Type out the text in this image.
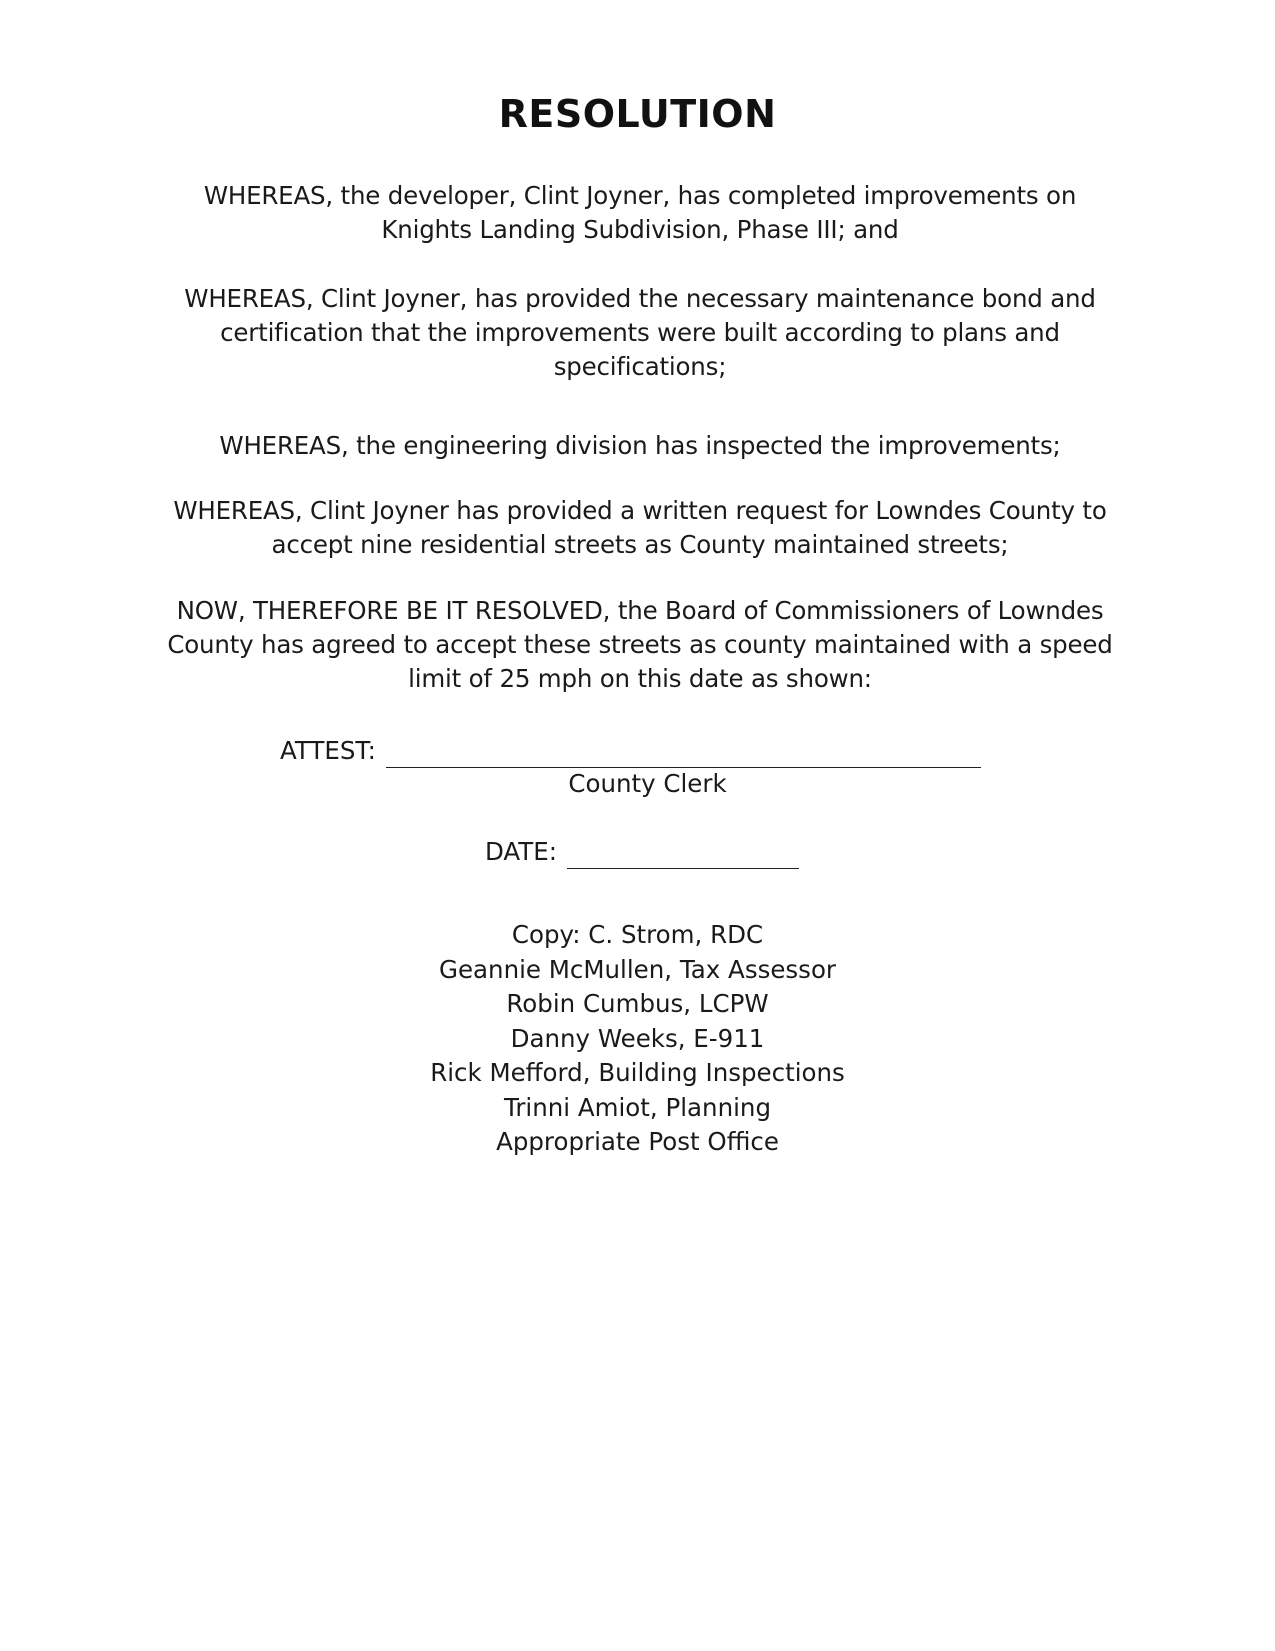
RESOLUTION
WHEREAS, the developer, Clint Joyner, has completed improvements on
Knights Landing Subdivision, Phase III; and
WHEREAS, Clint Joyner, has provided the necessary maintenance bond and
certification that the improvements were built according to plans and
specifications;
WHEREAS, the engineering division has inspected the improvements;
WHEREAS, Clint Joyner has provided a written request for Lowndes County to
accept nine residential streets as County maintained streets;
NOW, THEREFORE BE IT RESOLVED, the Board of Commissioners of Lowndes
County has agreed to accept these streets as county maintained with a speed
limit of 25 mph on this date as shown:
ATTEST:
County Clerk
DATE:
Copy: C. Strom, RDC
Geannie McMullen, Tax Assessor
Robin Cumbus, LCPW
Danny Weeks, E-911
Rick Mefford, Building Inspections
Trinni Amiot, Planning
Appropriate Post Office
